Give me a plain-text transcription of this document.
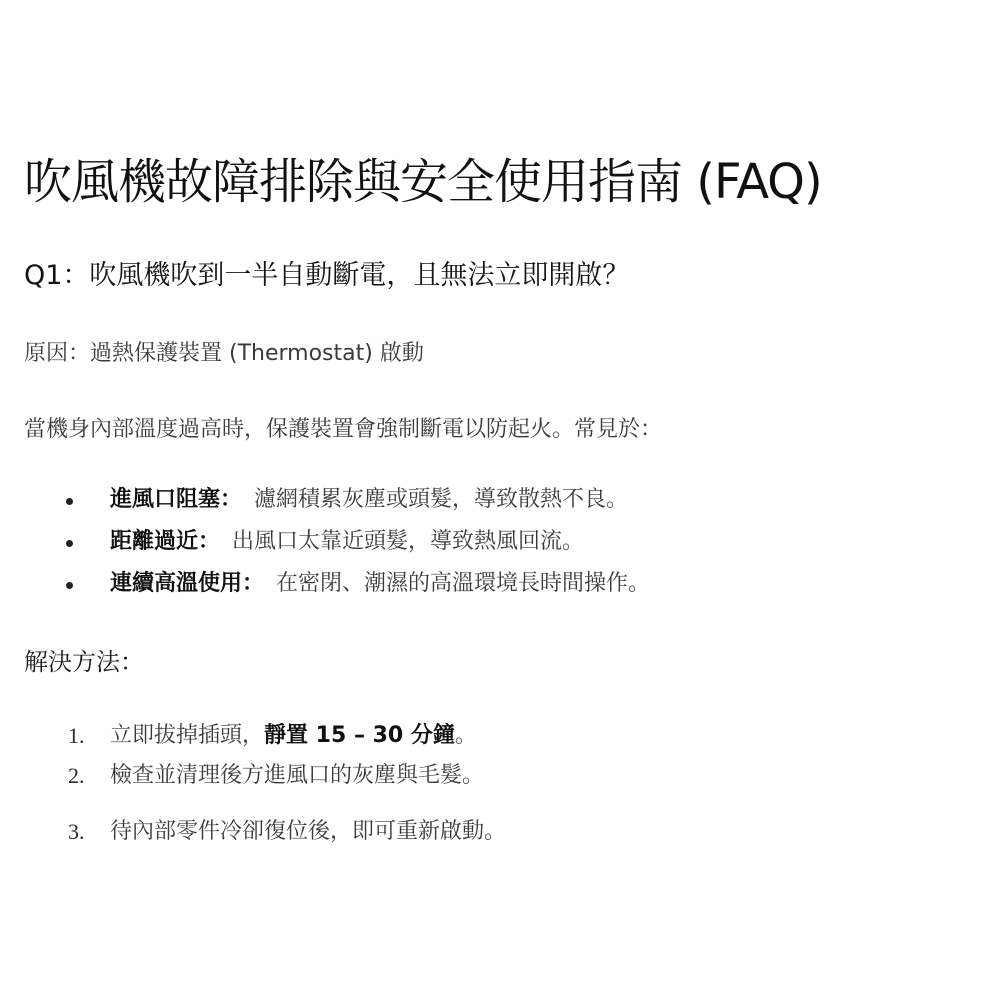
吹風機故障排除與安全使用指南 (FAQ)
Q1：吹風機吹到一半自動斷電，且無法立即開啟？

原因：過熱保護裝置 (Thermostat) 啟動

當機身內部溫度過高時，保護裝置會強制斷電以防起火。常見於：

進風口阻塞： 濾網積累灰塵或頭髮，導致散熱不良。
距離過近： 出風口太靠近頭髮，導致熱風回流。
連續高溫使用： 在密閉、潮濕的高溫環境長時間操作。
解決方法：
1. 立即拔掉插頭，靜置 15 – 30 分鐘。
2. 檢查並清理後方進風口的灰塵與毛髮。
3. 待內部零件冷卻復位後，即可重新啟動。
